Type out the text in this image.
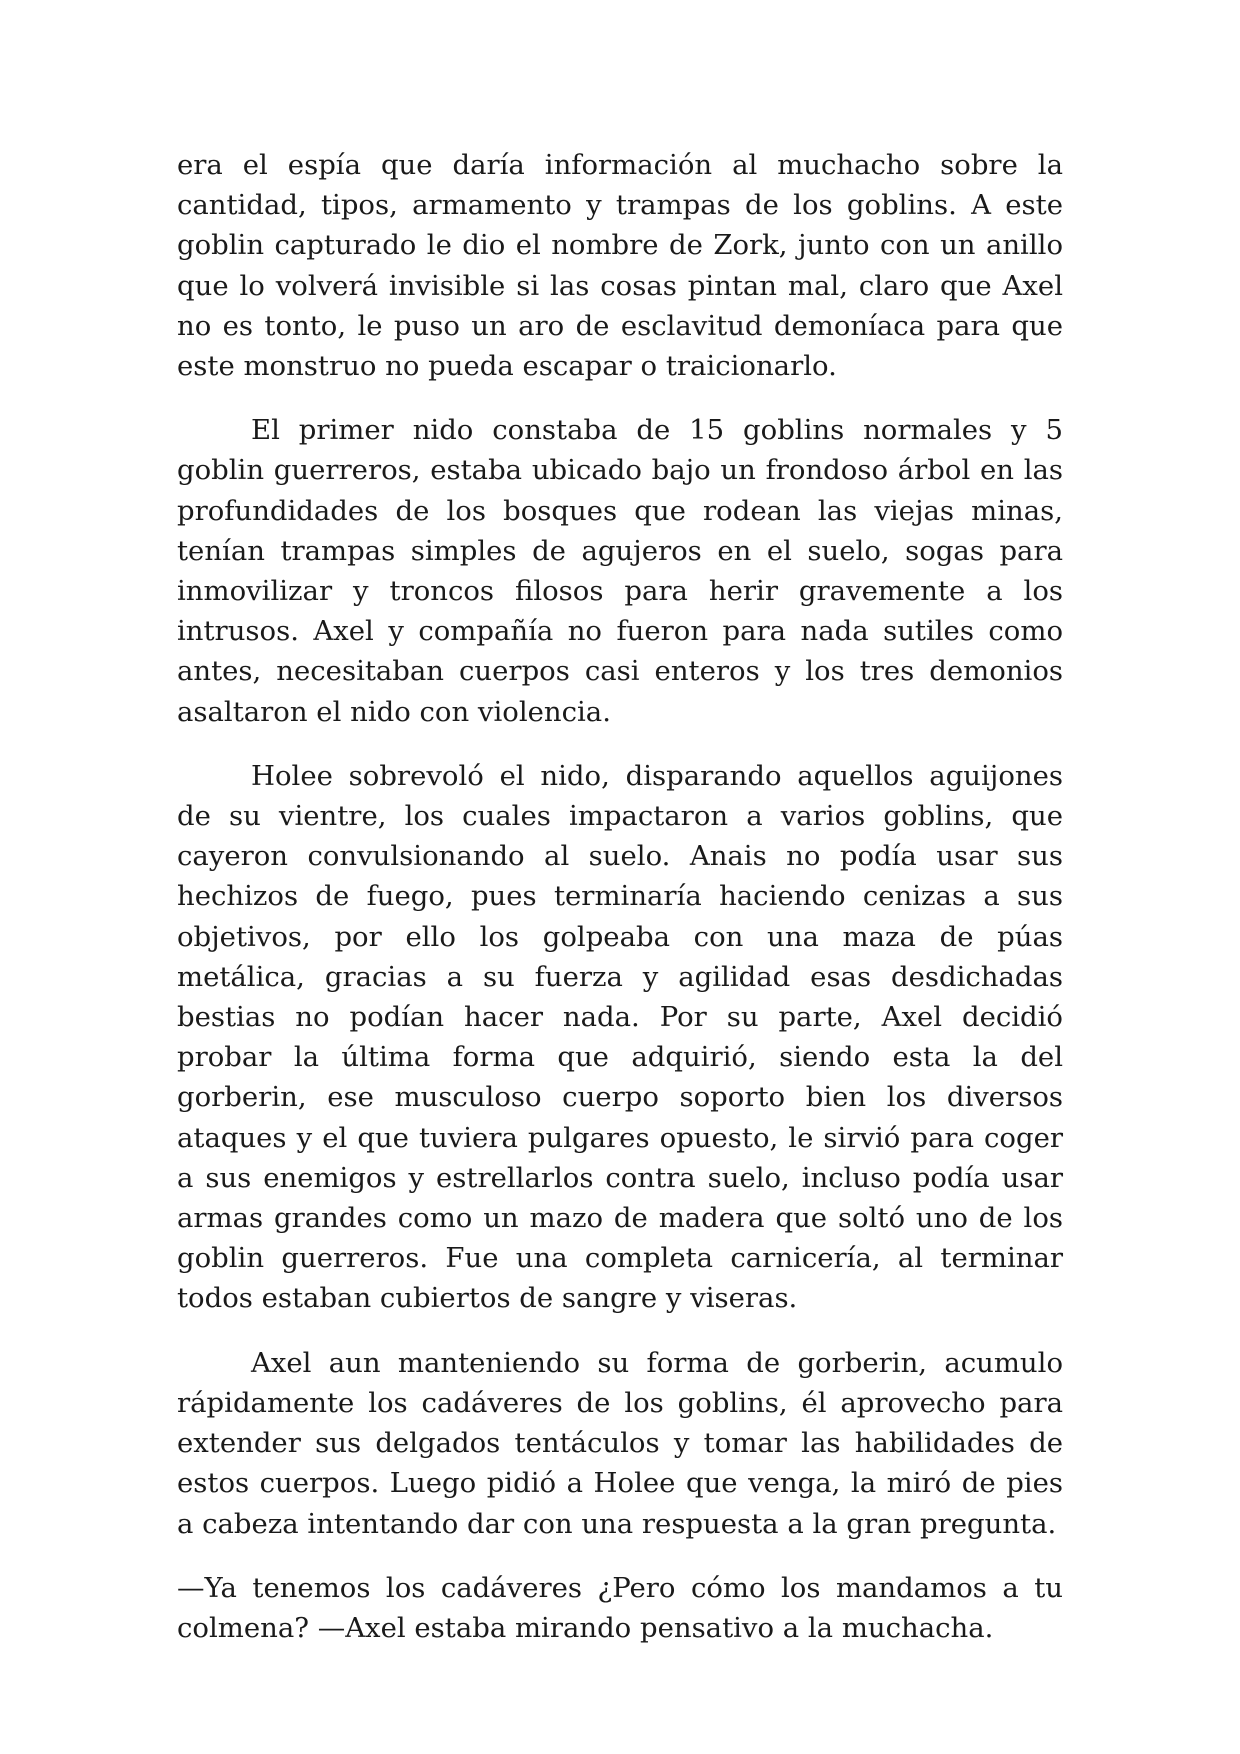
era el espía que daría información al muchacho sobre la cantidad, tipos, armamento y trampas de los goblins. A este goblin capturado le dio el nombre de Zork, junto con un anillo que lo volverá invisible si las cosas pintan mal, claro que Axel no es tonto, le puso un aro de esclavitud demoníaca para que este monstruo no pueda escapar o traicionarlo.

El primer nido constaba de 15 goblins normales y 5 goblin guerreros, estaba ubicado bajo un frondoso árbol en las profundidades de los bosques que rodean las viejas minas, tenían trampas simples de agujeros en el suelo, sogas para inmovilizar y troncos filosos para herir gravemente a los intrusos. Axel y compañía no fueron para nada sutiles como antes, necesitaban cuerpos casi enteros y los tres demonios asaltaron el nido con violencia.

Holee sobrevoló el nido, disparando aquellos aguijones de su vientre, los cuales impactaron a varios goblins, que cayeron convulsionando al suelo. Anais no podía usar sus hechizos de fuego, pues terminaría haciendo cenizas a sus objetivos, por ello los golpeaba con una maza de púas metálica, gracias a su fuerza y agilidad esas desdichadas bestias no podían hacer nada. Por su parte, Axel decidió probar la última forma que adquirió, siendo esta la del gorberin, ese musculoso cuerpo soporto bien los diversos ataques y el que tuviera pulgares opuesto, le sirvió para coger a sus enemigos y estrellarlos contra suelo, incluso podía usar armas grandes como un mazo de madera que soltó uno de los goblin guerreros. Fue una completa carnicería, al terminar todos estaban cubiertos de sangre y viseras.

Axel aun manteniendo su forma de gorberin, acumulo rápidamente los cadáveres de los goblins, él aprovecho para extender sus delgados tentáculos y tomar las habilidades de estos cuerpos. Luego pidió a Holee que venga, la miró de pies a cabeza intentando dar con una respuesta a la gran pregunta.

—Ya tenemos los cadáveres ¿Pero cómo los mandamos a tu colmena? —Axel estaba mirando pensativo a la muchacha.
